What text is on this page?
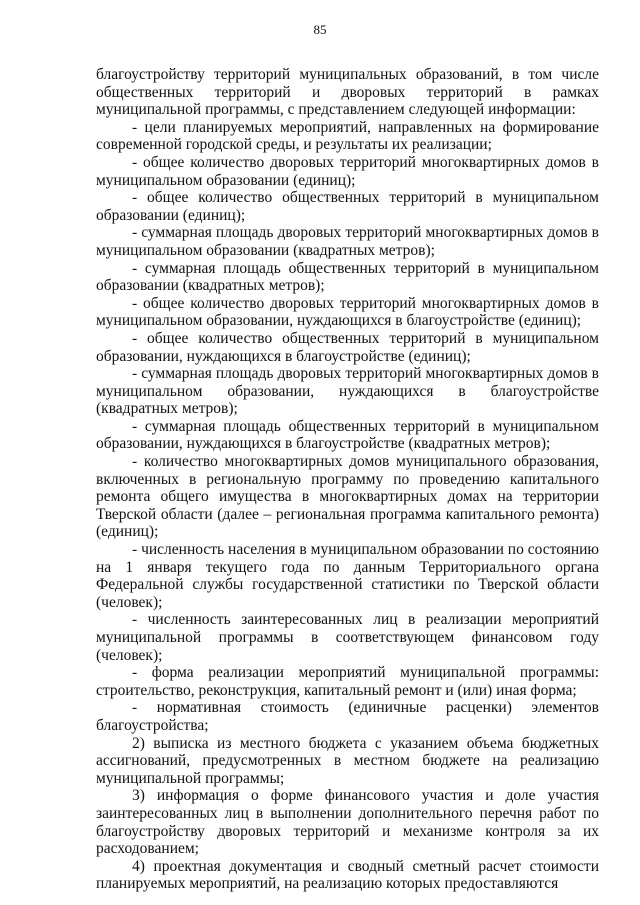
85

благоустройству территорий муниципальных образований, в том числе общественных территорий и дворовых территорий в рамках муниципальной программы, с представлением следующей информации:

- цели планируемых мероприятий, направленных на формирование современной городской среды, и результаты их реализации;

- общее количество дворовых территорий многоквартирных домов в муниципальном образовании (единиц);

- общее количество общественных территорий в муниципальном образовании (единиц);

- суммарная площадь дворовых территорий многоквартирных домов в муниципальном образовании (квадратных метров);

- суммарная площадь общественных территорий в муниципальном образовании (квадратных метров);

- общее количество дворовых территорий многоквартирных домов в муниципальном образовании, нуждающихся в благоустройстве (единиц);

- общее количество общественных территорий в муниципальном образовании, нуждающихся в благоустройстве (единиц);

- суммарная площадь дворовых территорий многоквартирных домов в муниципальном образовании, нуждающихся в благоустройстве (квадратных метров);

- суммарная площадь общественных территорий в муниципальном образовании, нуждающихся в благоустройстве (квадратных метров);

- количество многоквартирных домов муниципального образования, включенных в региональную программу по проведению капитального ремонта общего имущества в многоквартирных домах на территории Тверской области (далее – региональная программа капитального ремонта) (единиц);

- численность населения в муниципальном образовании по состоянию на 1 января текущего года по данным Территориального органа Федеральной службы государственной статистики по Тверской области (человек);

- численность заинтересованных лиц в реализации мероприятий муниципальной программы в соответствующем финансовом году (человек);

- форма реализации мероприятий муниципальной программы: строительство, реконструкция, капитальный ремонт и (или) иная форма;

- нормативная стоимость (единичные расценки) элементов благоустройства;

2) выписка из местного бюджета с указанием объема бюджетных ассигнований, предусмотренных в местном бюджете на реализацию муниципальной программы;

3) информация о форме финансового участия и доле участия заинтересованных лиц в выполнении дополнительного перечня работ по благоустройству дворовых территорий и механизме контроля за их расходованием;

4) проектная документация и сводный сметный расчет стоимости планируемых мероприятий, на реализацию которых предоставляются
